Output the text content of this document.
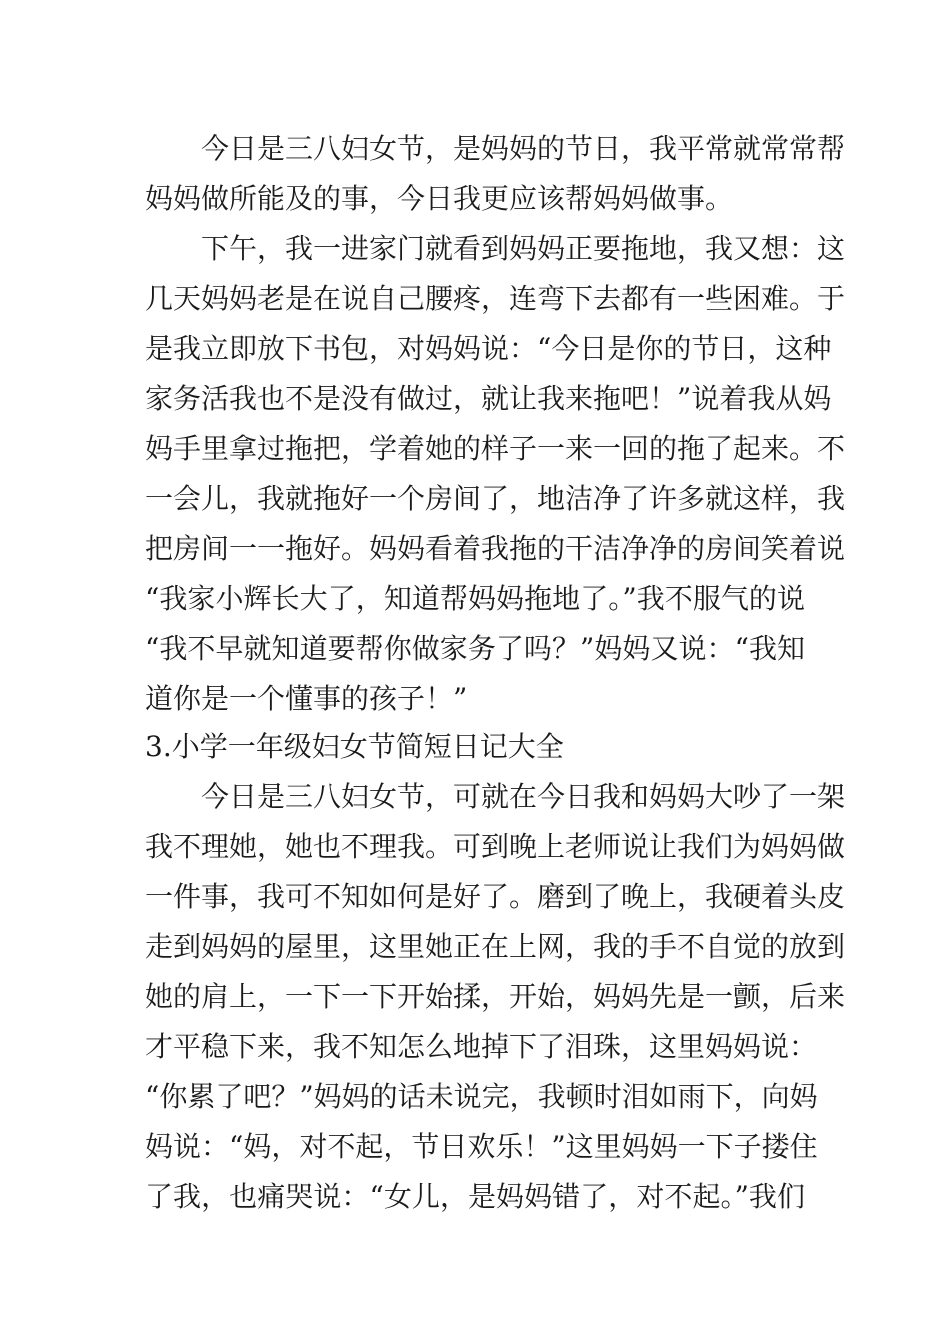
今日是三八妇女节，是妈妈的节日，我平常就常常帮
妈妈做所能及的事，今日我更应该帮妈妈做事。
下午，我一进家门就看到妈妈正要拖地，我又想：这
几天妈妈老是在说自己腰疼，连弯下去都有一些困难。于
是我立即放下书包，对妈妈说：“今日是你的节日，这种
家务活我也不是没有做过，就让我来拖吧！”说着我从妈
妈手里拿过拖把，学着她的样子一来一回的拖了起来。不
一会儿，我就拖好一个房间了，地洁净了许多就这样，我
把房间一一拖好。妈妈看着我拖的干洁净净的房间笑着说
“我家小辉长大了，知道帮妈妈拖地了。”我不服气的说
“我不早就知道要帮你做家务了吗？”妈妈又说：“我知
道你是一个懂事的孩子！”
3.小学一年级妇女节简短日记大全
今日是三八妇女节，可就在今日我和妈妈大吵了一架
我不理她，她也不理我。可到晚上老师说让我们为妈妈做
一件事，我可不知如何是好了。磨到了晚上，我硬着头皮
走到妈妈的屋里，这里她正在上网，我的手不自觉的放到
她的肩上，一下一下开始揉，开始，妈妈先是一颤，后来
才平稳下来，我不知怎么地掉下了泪珠，这里妈妈说：
“你累了吧？”妈妈的话未说完，我顿时泪如雨下，向妈
妈说：“妈，对不起，节日欢乐！”这里妈妈一下子搂住
了我，也痛哭说：“女儿，是妈妈错了，对不起。”我们
